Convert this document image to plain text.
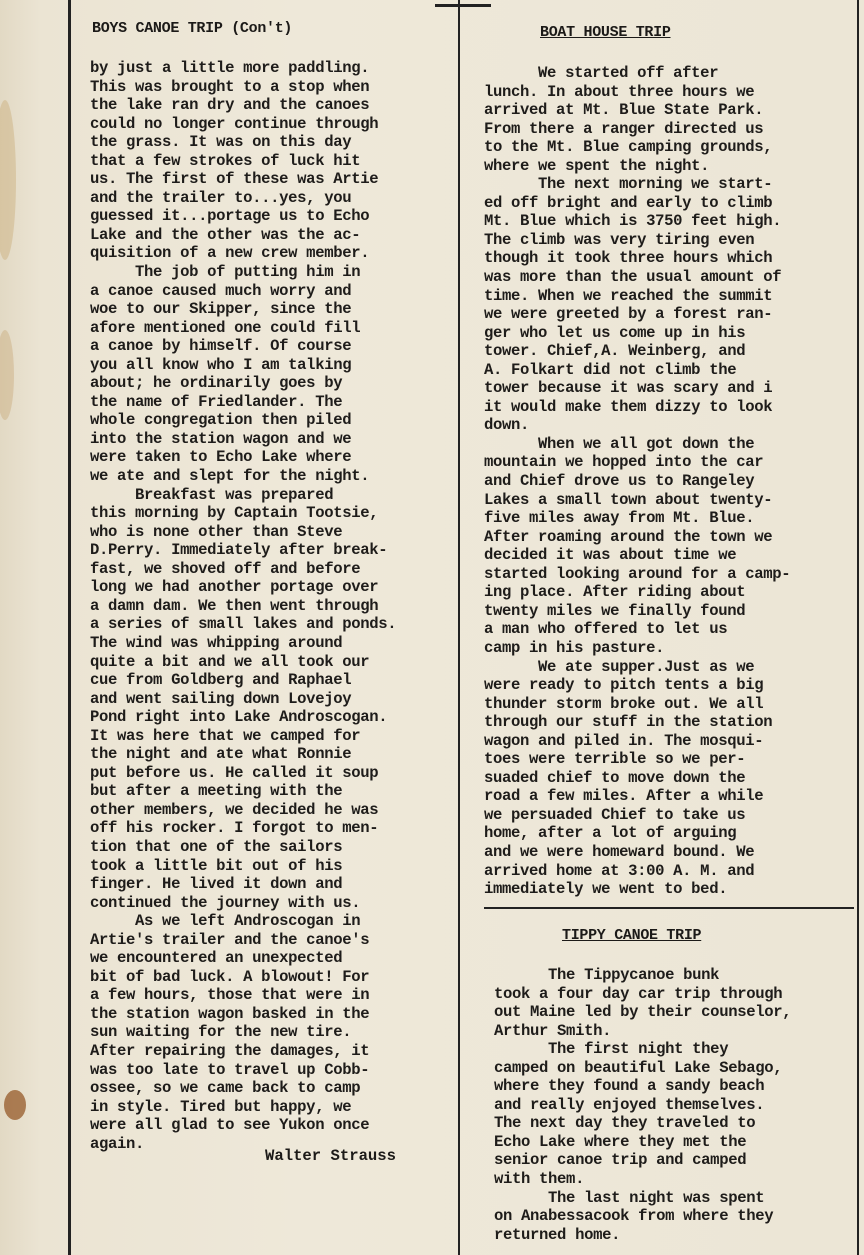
BOYS CANOE TRIP (Con't)
by just a little more paddling.
This was brought to a stop when
the lake ran dry and the canoes
could no longer continue through
the grass. It was on this day
that a few strokes of luck hit
us. The first of these was Artie
and the trailer to...yes, you
guessed it...portage us to Echo
Lake and the other was the ac-
quisition of a new crew member.
The job of putting him in
a canoe caused much worry and
woe to our Skipper, since the
afore mentioned one could fill
a canoe by himself. Of course
you all know who I am talking
about; he ordinarily goes by
the name of Friedlander. The
whole congregation then piled
into the station wagon and we
were taken to Echo Lake where
we ate and slept for the night.
Breakfast was prepared
this morning by Captain Tootsie,
who is none other than Steve
D.Perry. Immediately after break-
fast, we shoved off and before
long we had another portage over
a damn dam. We then went through
a series of small lakes and ponds.
The wind was whipping around
quite a bit and we all took our
cue from Goldberg and Raphael
and went sailing down Lovejoy
Pond right into Lake Androscogan.
It was here that we camped for
the night and ate what Ronnie
put before us. He called it soup
but after a meeting with the
other members, we decided he was
off his rocker. I forgot to men-
tion that one of the sailors
took a little bit out of his
finger. He lived it down and
continued the journey with us.
As we left Androscogan in
Artie's trailer and the canoe's
we encountered an unexpected
bit of bad luck. A blowout! For
a few hours, those that were in
the station wagon basked in the
sun waiting for the new tire.
After repairing the damages, it
was too late to travel up Cobb-
ossee, so we came back to camp
in style. Tired but happy, we
were all glad to see Yukon once
again.
Walter Strauss
BOAT HOUSE TRIP
We started off after
lunch. In about three hours we
arrived at Mt. Blue State Park.
From there a ranger directed us
to the Mt. Blue camping grounds,
where we spent the night.
The next morning we start-
ed off bright and early to climb
Mt. Blue which is 3750 feet high.
The climb was very tiring even
though it took three hours which
was more than the usual amount of
time. When we reached the summit
we were greeted by a forest ran-
ger who let us come up in his
tower. Chief,A. Weinberg, and
A. Folkart did not climb the
tower because it was scary and i
it would make them dizzy to look
down.
When we all got down the
mountain we hopped into the car
and Chief drove us to Rangeley
Lakes a small town about twenty-
five miles away from Mt. Blue.
After roaming around the town we
decided it was about time we
started looking around for a camp-
ing place. After riding about
twenty miles we finally found
a man who offered to let us
camp in his pasture.
We ate supper.Just as we
were ready to pitch tents a big
thunder storm broke out. We all
through our stuff in the station
wagon and piled in. The mosqui-
toes were terrible so we per-
suaded chief to move down the
road a few miles. After a while
we persuaded Chief to take us
home, after a lot of arguing
and we were homeward bound. We
arrived home at 3:00 A. M. and
immediately we went to bed.
TIPPY CANOE TRIP
The Tippycanoe bunk
took a four day car trip through
out Maine led by their counselor,
Arthur Smith.
The first night they
camped on beautiful Lake Sebago,
where they found a sandy beach
and really enjoyed themselves.
The next day they traveled to
Echo Lake where they met the
senior canoe trip and camped
with them.
The last night was spent
on Anabessacook from where they
returned home.
